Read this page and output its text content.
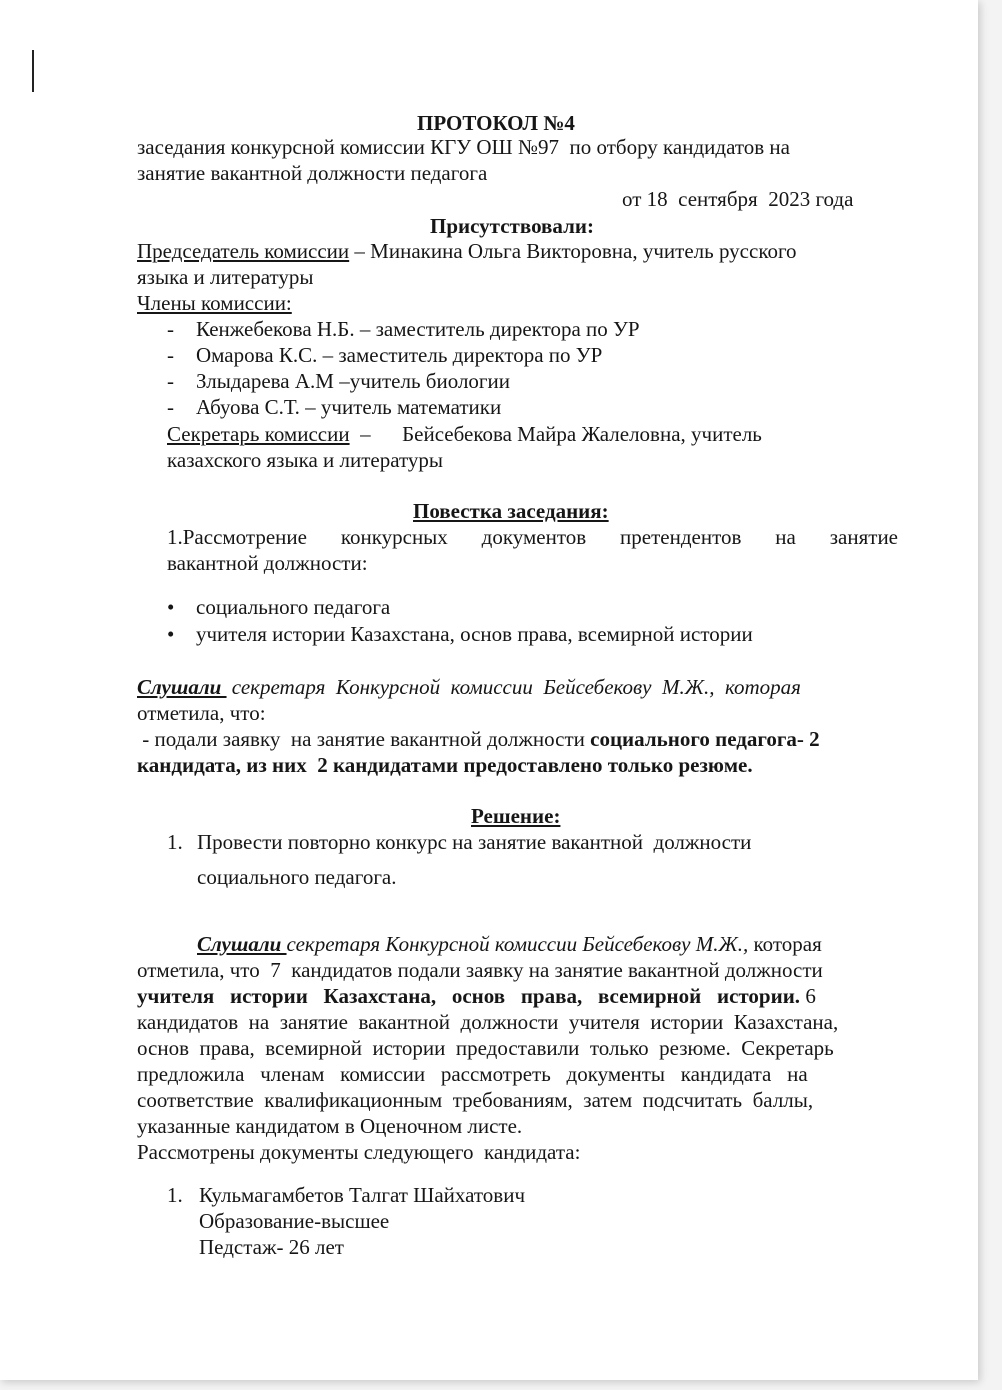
ПРОТОКОЛ №4
заседания конкурсной комиссии КГУ ОШ №97  по отбору кандидатов на
занятие вакантной должности педагога
от 18  сентября  2023 года
Присутствовали:
Председатель комиссии – Минакина Ольга Викторовна, учитель русского
языка и литературы
Члены комиссии:
- Кенжебекова Н.Б. – заместитель директора по УР
- Омарова К.С. – заместитель директора по УР
- Злыдарева А.М –учитель биологии
- Абуова С.Т. – учитель математики
Секретарь комиссии  –      Бейсебекова Майра Жалеловна, учитель
казахского языка и литературы
Повестка заседания:
1.Рассмотрение конкурсных документов претендентов на занятие
вакантной должности:
• социального педагога
• учителя истории Казахстана, основ права, всемирной истории
Слушали  секретаря  Конкурсной  комиссии  Бейсебекову  М.Ж.,  которая
отметила, что:
- подали заявку  на занятие вакантной должности социального педагога- 2
кандидата, из них  2 кандидатами предоставлено только резюме.
Решение:
1. Провести повторно конкурс на занятие вакантной  должности
социального педагога.
Слушали секретаря Конкурсной комиссии Бейсебекову М.Ж., которая
отметила, что  7  кандидатов подали заявку на занятие вакантной должности
учителя   истории   Казахстана,   основ   права,   всемирной   истории. 6
кандидатов  на  занятие  вакантной  должности  учителя  истории  Казахстана,
основ  права,  всемирной  истории  предоставили  только  резюме.  Секретарь
предложила   членам   комиссии   рассмотреть   документы   кандидата   на
соответствие  квалификационным  требованиям,  затем  подсчитать  баллы,
указанные кандидатом в Оценочном листе.
Рассмотрены документы следующего  кандидата:
1. Кульмагамбетов Талгат Шайхатович
Образование-высшее
Педстаж- 26 лет
